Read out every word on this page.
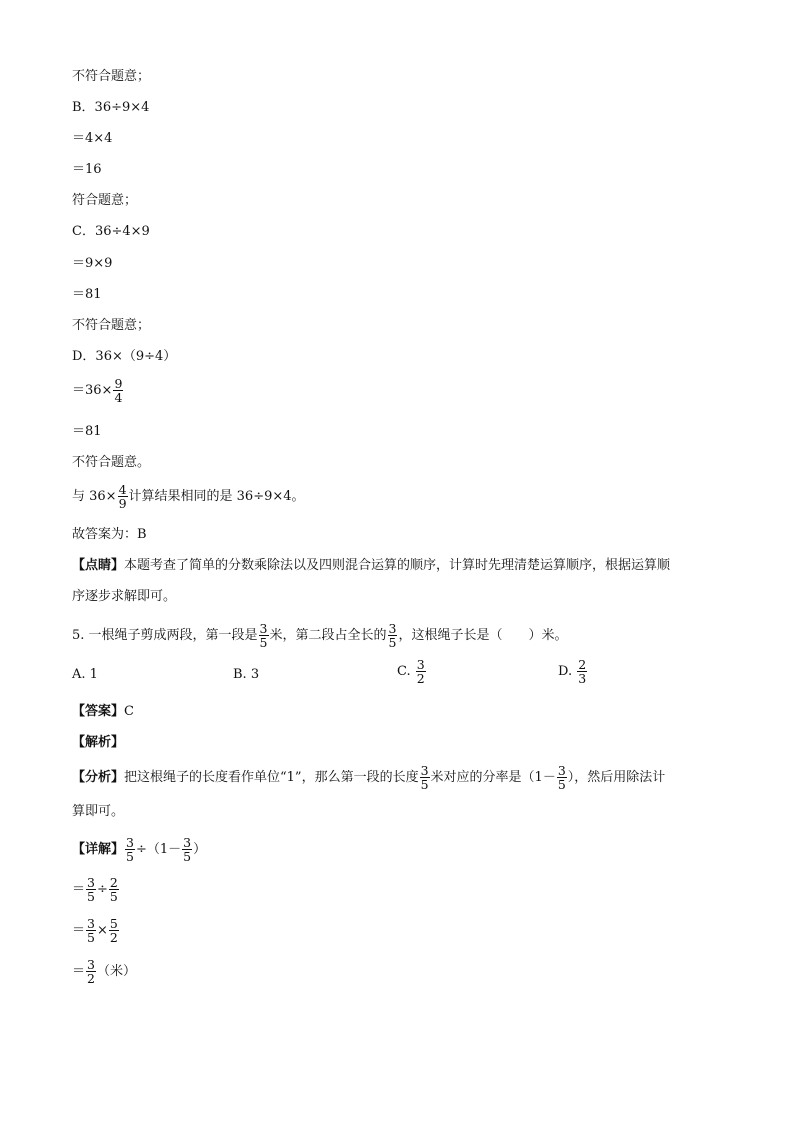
不符合题意；
B．36÷9×4
＝4×4
＝16
符合题意；
C．36÷4×9
＝9×9
＝81
不符合题意；
D．36×（9÷4）
$=36\times \frac{9}{4}$
＝81
不符合题意。
与 $36\times \frac{4}{9}$ 计算结果相同的是 36÷9×4。
故答案为：B
【点睛】本题考查了简单的分数乘除法以及四则混合运算的顺序，计算时先理清楚运算顺序，根据运算顺
序逐步求解即可。
5. 一根绳子剪成两段，第一段是 $\frac{3}{5}$ 米，第二段占全长的 $\frac{3}{5}$ ，这根绳子长是（　　）米。
A. 1	B. 3	C. $\frac{3}{2}$	D. $\frac{2}{3}$
【答案】C
【解析】
【分析】把这根绳子的长度看作单位“1”，那么第一段的长度 $\frac{3}{5}$ 米对应的分率是（$1- \frac{3}{5}$ ），然后用除法计
算即可。
【详解】 $\frac{3}{5} \div(1- \frac{3}{5}$ ）
＝ $\frac{3}{5} \div \frac{2}{5}$
＝ $\frac{3}{5} \times \frac{5}{2}$
＝ $\frac{3}{2}$ （米）
